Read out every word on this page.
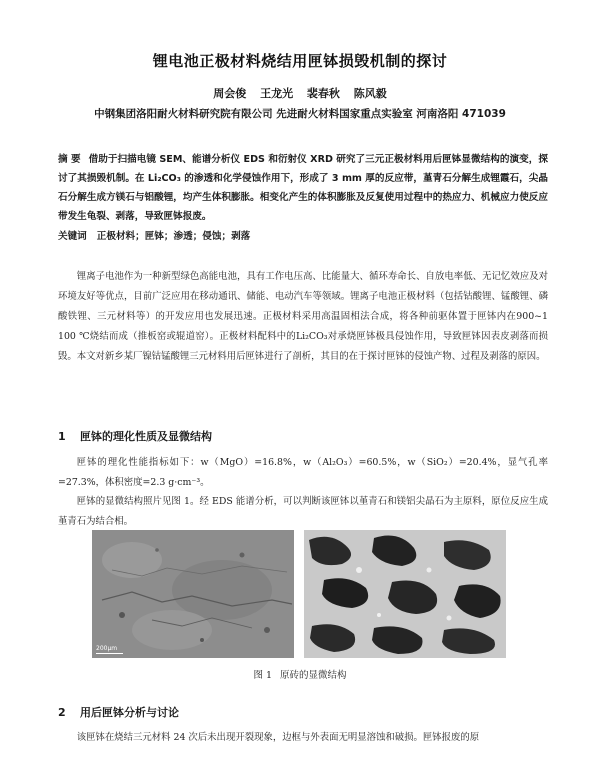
锂电池正极材料烧结用匣钵损毁机制的探讨
周会俊 王龙光 裴春秋 陈风毅
中钢集团洛阳耐火材料研究院有限公司 先进耐火材料国家重点实验室 河南洛阳 471039
摘 要 借助于扫描电镜 SEM、能谱分析仪 EDS 和衍射仪 XRD 研究了三元正极材料用后匣钵显微结构的演变，探讨了其损毁机制。在 Li₂CO₃ 的渗透和化学侵蚀作用下，形成了 3 mm 厚的反应带，堇青石分解生成锂霞石，尖晶石分解生成方镁石与铝酸锂，均产生体积膨胀。相变化产生的体积膨胀及反复使用过程中的热应力、机械应力使反应带发生龟裂、剥落，导致匣钵报废。
关键词 正极材料；匣钵；渗透；侵蚀；剥落
锂离子电池作为一种新型绿色高能电池，具有工作电压高、比能量大、循环寿命长、自放电率低、无记忆效应及对环境友好等优点，目前广泛应用在移动通讯、储能、电动汽车等领域。锂离子电池正极材料（包括钴酸锂、锰酸锂、磷酸铁锂、三元材料等）的开发应用也发展迅速。正极材料采用高温固相法合成，将各种前驱体置于匣钵内在900~1 100 ℃烧结而成（推板窑或辊道窑）。正极材料配料中的Li₂CO₃对承烧匣钵极具侵蚀作用，导致匣钵因表皮剥落而损毁。本文对新乡某厂镍钴锰酸锂三元材料用后匣钵进行了剖析，其目的在于探讨匣钵的侵蚀产物、过程及剥落的原因。
1 匣钵的理化性质及显微结构
匣钵的理化性能指标如下：w（MgO）=16.8%，w（Al₂O₃）=60.5%，w（SiO₂）=20.4%，显气孔率=27.3%，体积密度=2.3 g·cm⁻³。
匣钵的显微结构照片见图 1。经 EDS 能谱分析，可以判断该匣钵以堇青石和镁铝尖晶石为主原料，原位反应生成堇青石为结合相。
200μm
图 1 原砖的显微结构
2 用后匣钵分析与讨论
该匣钵在烧结三元材料 24 次后未出现开裂现象，边框与外表面无明显溶蚀和破损。匣钵报废的原
